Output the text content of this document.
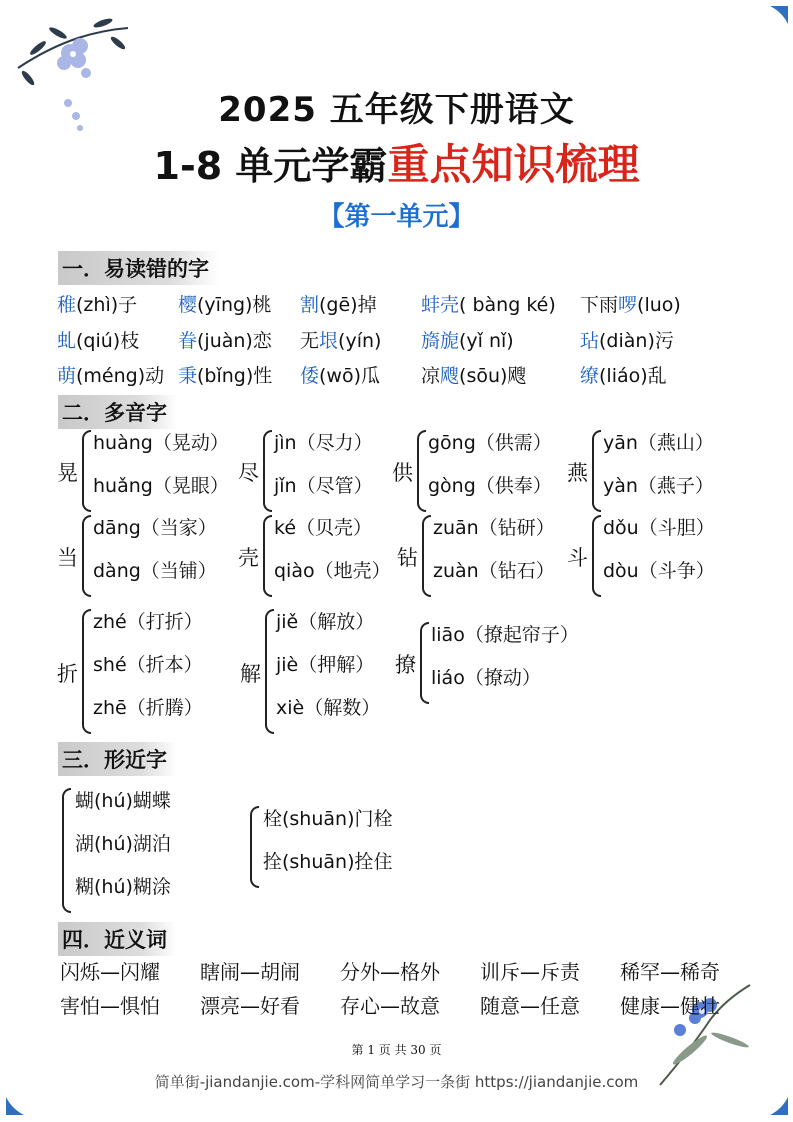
2025 五年级下册语文
1-8 单元学霸重点知识梳理
【第一单元】
一．易读错的字
稚(zhì)子 樱(yīng)桃 割(gē)掉 蚌壳( bàng ké) 下雨啰(luo)
虬(qiú)枝 眷(juàn)恋 无垠(yín) 旖旎(yǐ nǐ)	玷(diàn)污
萌(méng)动 秉(bǐng)性 倭(wō)瓜 凉飕(sōu)飕	缭(liáo)乱
二．多音字
晃
huàng（晃动）
huǎng（晃眼）
尽
jìn（尽力）
jǐn（尽管）
供
gōng（供需）
gòng（供奉）
燕
yān（燕山）
yàn（燕子）
当
dāng（当家）
dàng（当铺）
壳
ké（贝壳）
qiào（地壳）
钻
zuān（钻研）
zuàn（钻石）
斗
dǒu（斗胆）
dòu（斗争）
折
zhé（打折）
shé（折本）
zhē（折腾）
解
jiě（解放）
jiè（押解）
xiè（解数）
撩
liāo（撩起帘子）
liáo（撩动）
三．形近字
蝴(hú)蝴蝶
湖(hú)湖泊
糊(hú)糊涂
栓(shuān)门栓
拴(shuān)拴住
四．近义词
闪烁—闪耀 瞎闹—胡闹 分外—格外 训斥—斥责 稀罕—稀奇
害怕—惧怕 漂亮—好看 存心—故意 随意—任意 健康—健壮
第 1 页 共 30 页
简单街-jiandanjie.com-学科网简单学习一条街 https://jiandanjie.com
